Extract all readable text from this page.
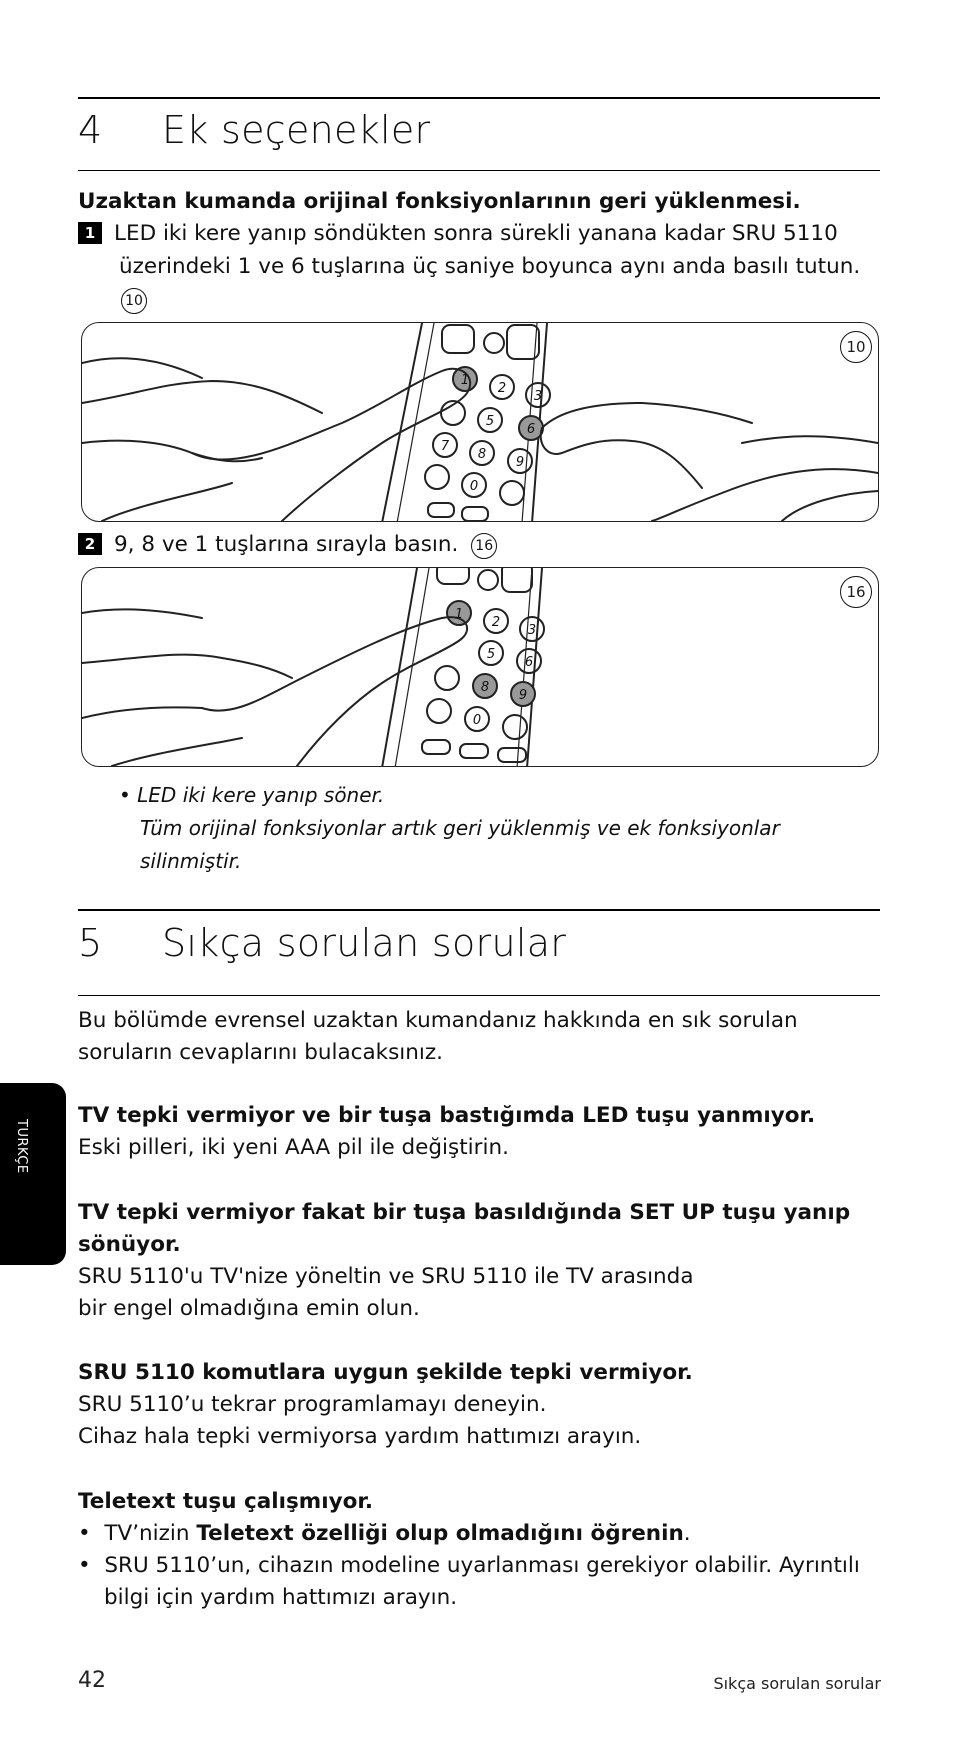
4 Ek seçenekler
Uzaktan kumanda orijinal fonksiyonlarının geri yüklenmesi.
1 LED iki kere yanıp söndükten sonra sürekli yanana kadar SRU 5110
üzerindeki 1 ve 6 tuşlarına üç saniye boyunca aynı anda basılı tutun.
10
1
2
3
5
6
7
8
9
0
10
2 9, 8 ve 1 tuşlarına sırayla basın. 16
1
2
3
5
6
8
9
0
16
• LED iki kere yanıp söner.
Tüm orijinal fonksiyonlar artık geri yüklenmiş ve ek fonksiyonlar
silinmiştir.
5 Sıkça sorulan sorular
Bu bölümde evrensel uzaktan kumandanız hakkında en sık sorulan
soruların cevaplarını bulacaksınız.
TV tepki vermiyor ve bir tuşa bastığımda LED tuşu yanmıyor.
Eski pilleri, iki yeni AAA pil ile değiştirin.
TV tepki vermiyor fakat bir tuşa basıldığında SET UP tuşu yanıp
sönüyor.
SRU 5110'u TV'nize yöneltin ve SRU 5110 ile TV arasında
bir engel olmadığına emin olun.
SRU 5110 komutlara uygun şekilde tepki vermiyor.
SRU 5110’u tekrar programlamayı deneyin.
Cihaz hala tepki vermiyorsa yardım hattımızı arayın.
Teletext tuşu çalışmıyor.
• TV’nizin Teletext özelliği olup olmadığını öğrenin.
• SRU 5110’un, cihazın modeline uyarlanması gerekiyor olabilir. Ayrıntılı
bilgi için yardım hattımızı arayın.
TURKÇE
42	Sıkça sorulan sorular
